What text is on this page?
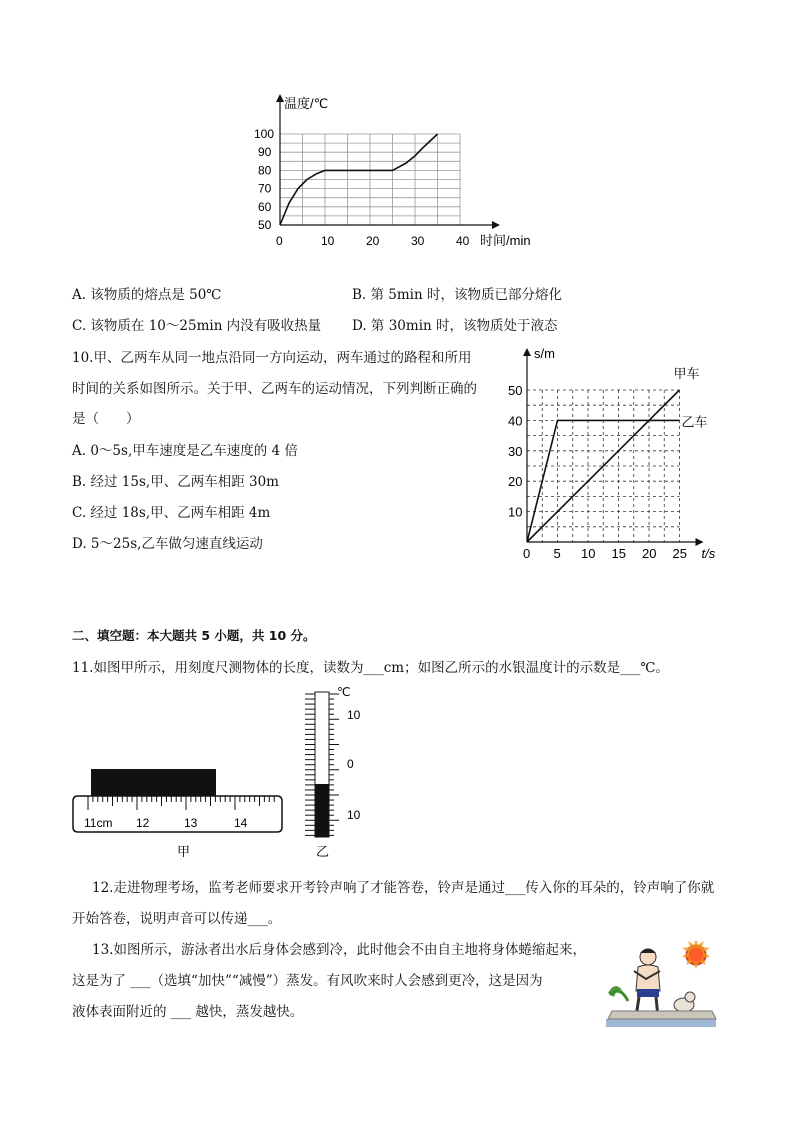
0	10	20	30	40
50
60
70
80
90
100
温度/℃
时间/min
A. 该物质的熔点是 50℃	B. 第 5min 时，该物质已部分熔化
C. 该物质在 10～25min 内没有吸收热量 D. 第 30min 时，该物质处于液态
10.甲、乙两车从同一地点沿同一方向运动，两车通过的路程和所用
时间的关系如图所示。关于甲、乙两车的运动情况，下列判断正确的
是（　　）
A. 0～5s,甲车速度是乙车速度的 4 倍
B. 经过 15s,甲、乙两车相距 30m
C. 经过 18s,甲、乙两车相距 4m
D. 5～25s,乙车做匀速直线运动
0 5 10 15 20 25
10
20
30
40
50
s/m
t/s
甲车
乙车
二、填空题：本大题共 5 小题，共 10 分。
11.如图甲所示，用刻度尺测物体的长度，读数为___cm；如图乙所示的水银温度计的示数是___℃。
11cm 12	13	14
甲
℃
10
0
10
乙
12.走进物理考场，监考老师要求开考铃声响了才能答卷，铃声是通过___传入你的耳朵的，铃声响了你就
开始答卷，说明声音可以传递___。
13.如图所示，游泳者出水后身体会感到冷，此时他会不由自主地将身体蜷缩起来，
这是为了 ___（选填“加快”“减慢”）蒸发。有风吹来时人会感到更冷，这是因为
液体表面附近的 ___ 越快，蒸发越快。
